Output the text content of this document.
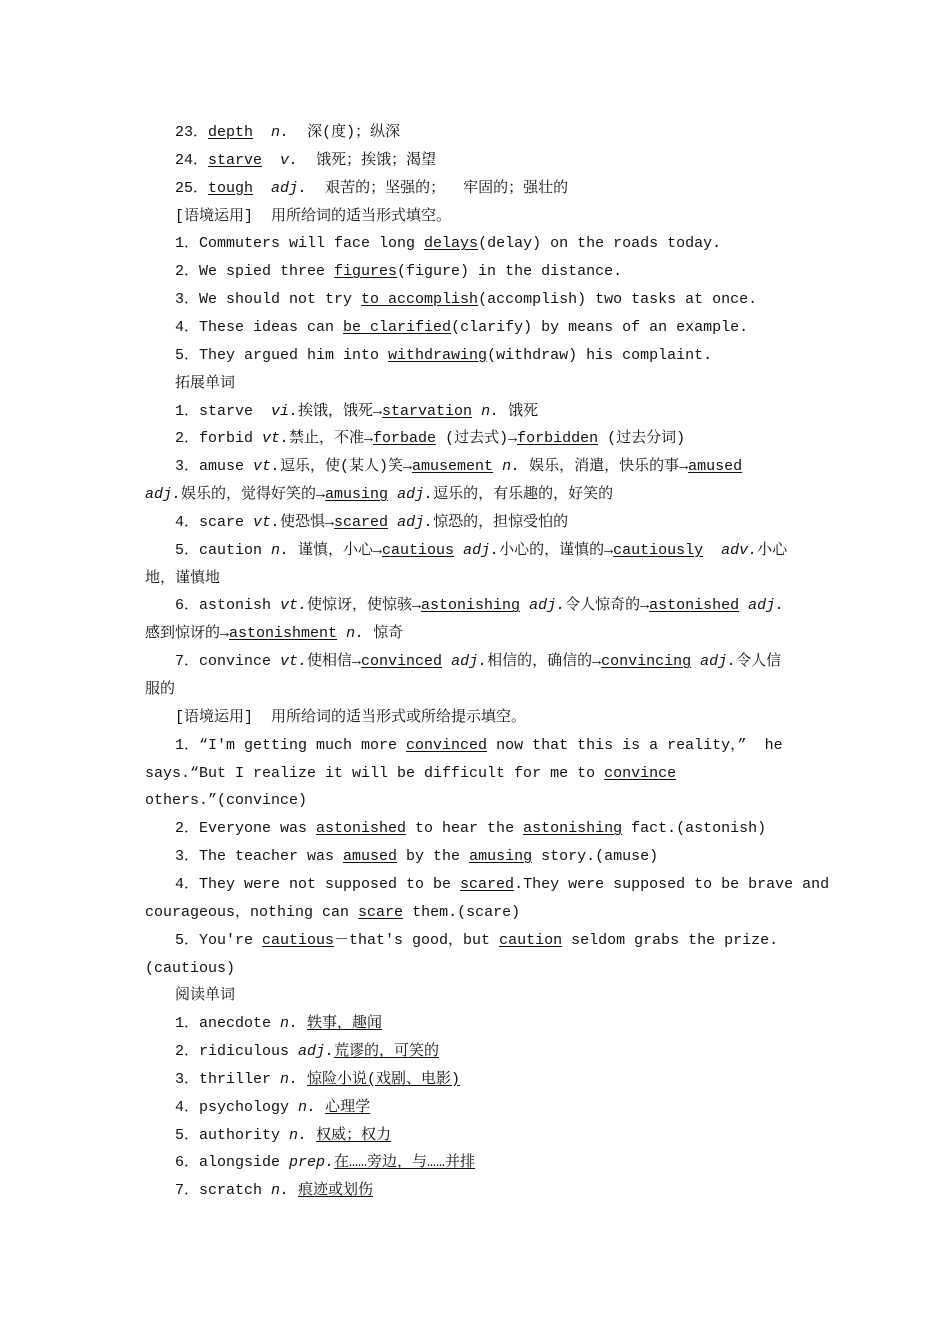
23．depth n.  深(度)；纵深
24．starve v.  饿死；挨饿；渴望
25．tough adj.  艰苦的；坚强的；  牢固的；强壮的
[语境运用]  用所给词的适当形式填空。
1．Commuters will face long delays(delay) on the roads today.
2．We spied three figures(figure) in the distance.
3．We should not try to accomplish(accomplish) two tasks at once.
4．These ideas can be clarified(clarify) by means of an example.
5．They argued him into withdrawing(withdraw) his complaint.
拓展单词
1．starve  vi.挨饿，饿死→starvation n. 饿死
2．forbid vt.禁止，不准→forbade (过去式)→forbidden (过去分词)
3．amuse vt.逗乐，使(某人)笑→amusement n. 娱乐，消遣，快乐的事→amused
adj.娱乐的，觉得好笑的→amusing adj.逗乐的，有乐趣的，好笑的
4．scare vt.使恐惧→scared adj.惊恐的，担惊受怕的
5．caution n. 谨慎，小心→cautious adj.小心的，谨慎的→cautiously adv.小心
地，谨慎地
6．astonish vt.使惊讶，使惊骇→astonishing adj.令人惊奇的→astonished adj.
感到惊讶的→astonishment n. 惊奇
7．convince vt.使相信→convinced adj.相信的，确信的→convincing adj.令人信
服的
[语境运用]  用所给词的适当形式或所给提示填空。
1．“I'm getting much more convinced now that this is a reality，”  he
says.“But I realize it will be difficult for me to convince
others.”(convince)
2．Everyone was astonished to hear the astonishing fact.(astonish)
3．The teacher was amused by the amusing story.(amuse)
4．They were not supposed to be scared.They were supposed to be brave and
courageous，nothing can scare them.(scare)
5．You're cautious－that's good，but caution seldom grabs the prize.
(cautious)
阅读单词
1．anecdote n. 轶事，趣闻
2．ridiculous adj.荒谬的，可笑的
3．thriller n. 惊险小说(戏剧、电影)
4．psychology n. 心理学
5．authority n. 权威；权力
6．alongside prep.在……旁边，与……并排
7．scratch n. 痕迹或划伤
